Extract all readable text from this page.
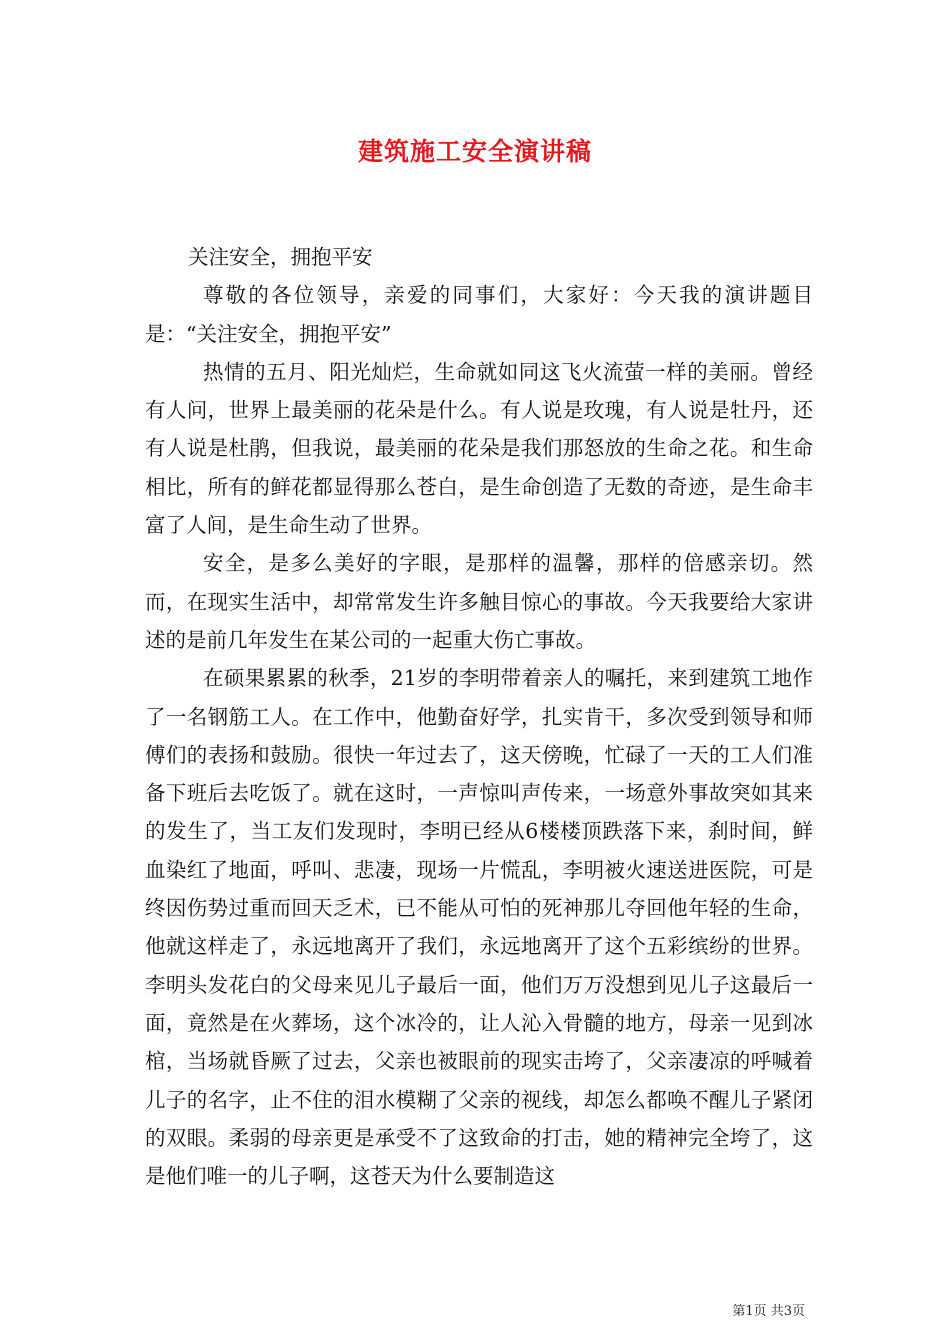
建筑施工安全演讲稿

关注安全，拥抱平安

尊敬的各位领导，亲爱的同事们，大家好：今天我的演讲题目是：“关注安全，拥抱平安”

热情的五月、阳光灿烂，生命就如同这飞火流萤一样的美丽。曾经有人问，世界上最美丽的花朵是什么。有人说是玫瑰，有人说是牡丹，还有人说是杜鹃，但我说，最美丽的花朵是我们那怒放的生命之花。和生命相比，所有的鲜花都显得那么苍白，是生命创造了无数的奇迹，是生命丰富了人间，是生命生动了世界。

安全，是多么美好的字眼，是那样的温馨，那样的倍感亲切。然而，在现实生活中，却常常发生许多触目惊心的事故。今天我要给大家讲述的是前几年发生在某公司的一起重大伤亡事故。

在硕果累累的秋季，21岁的李明带着亲人的嘱托，来到建筑工地作了一名钢筋工人。在工作中，他勤奋好学，扎实肯干，多次受到领导和师傅们的表扬和鼓励。很快一年过去了，这天傍晚，忙碌了一天的工人们准备下班后去吃饭了。就在这时，一声惊叫声传来，一场意外事故突如其来的发生了，当工友们发现时，李明已经从6楼楼顶跌落下来，刹时间，鲜血染红了地面，呼叫、悲凄，现场一片慌乱，李明被火速送进医院，可是终因伤势过重而回天乏术，已不能从可怕的死神那儿夺回他年轻的生命，他就这样走了，永远地离开了我们，永远地离开了这个五彩缤纷的世界。李明头发花白的父母来见儿子最后一面，他们万万没想到见儿子这最后一面，竟然是在火葬场，这个冰冷的，让人沁入骨髓的地方，母亲一见到冰棺，当场就昏厥了过去，父亲也被眼前的现实击垮了，父亲凄凉的呼喊着儿子的名字，止不住的泪水模糊了父亲的视线，却怎么都唤不醒儿子紧闭的双眼。柔弱的母亲更是承受不了这致命的打击，她的精神完全垮了，这是他们唯一的儿子啊，这苍天为什么要制造这

第1页 共3页
